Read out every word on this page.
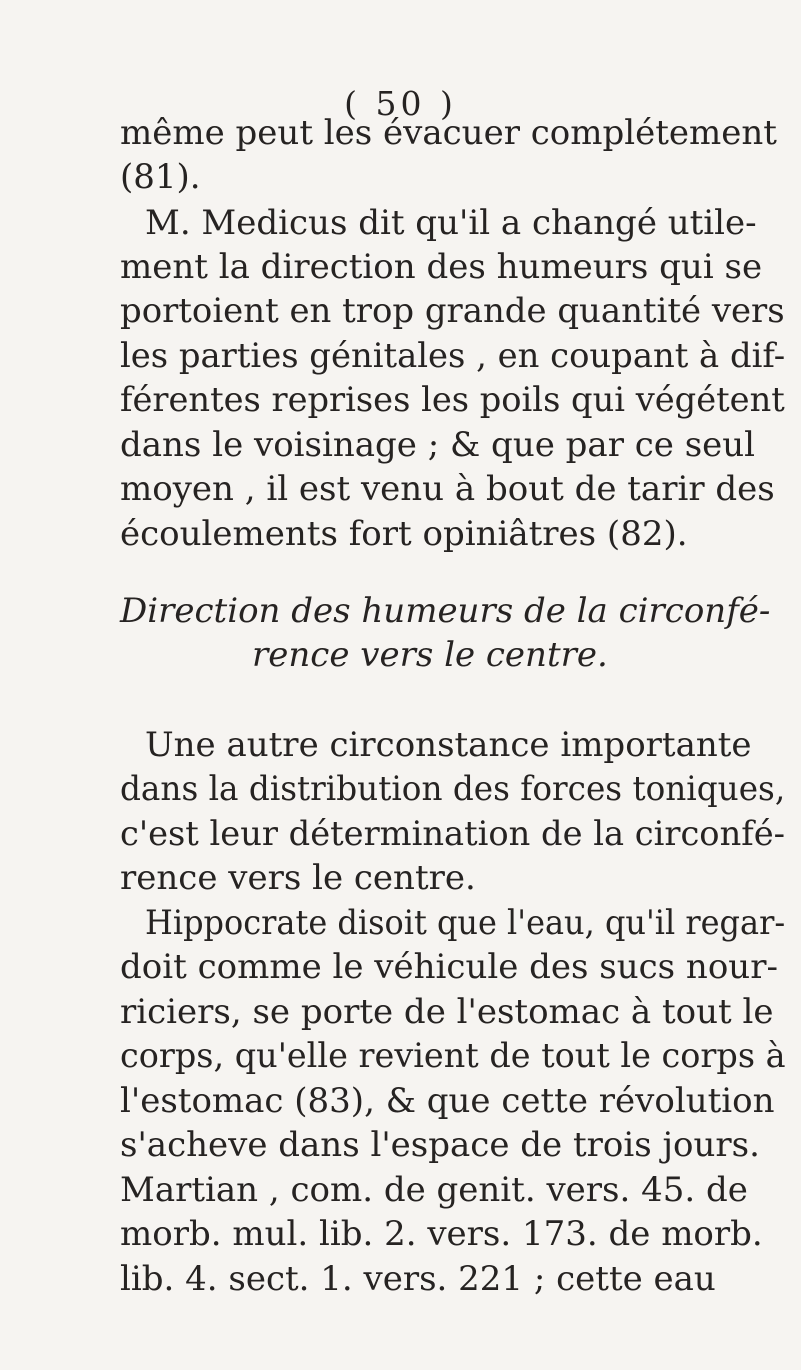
( 50 )
même peut les évacuer complétement
(81).
M. Medicus dit qu'il a changé utile-
ment la direction des humeurs qui se
portoient en trop grande quantité vers
les parties génitales , en coupant à dif-
férentes reprises les poils qui végétent
dans le voisinage ; & que par ce seul
moyen , il est venu à bout de tarir des
écoulements fort opiniâtres (82).
Direction des humeurs de la circonfé-
rence vers le centre.
Une autre circonstance importante
dans la distribution des forces toniques,
c'est leur détermination de la circonfé-
rence vers le centre.
Hippocrate disoit que l'eau, qu'il regar-
doit comme le véhicule des sucs nour-
riciers, se porte de l'estomac à tout le
corps, qu'elle revient de tout le corps à
l'estomac (83), & que cette révolution
s'acheve dans l'espace de trois jours.
Martian , com. de genit. vers. 45. de
morb. mul. lib. 2. vers. 173. de morb.
lib. 4. sect. 1. vers. 221 ; cette eau
